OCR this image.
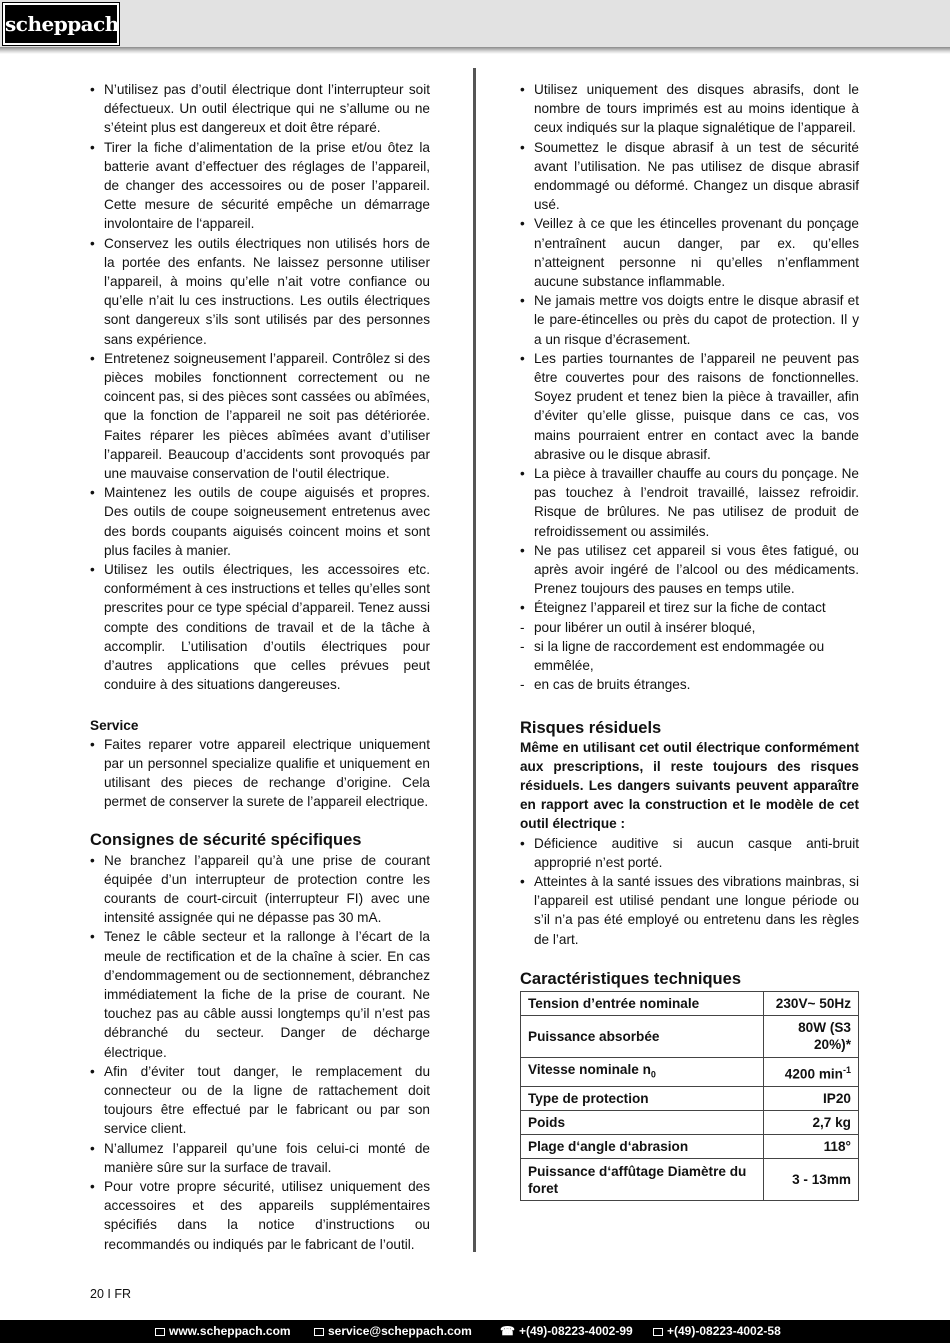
scheppach
• N’utilisez pas d’outil électrique dont l’interrupteur soit défectueux. Un outil électrique qui ne s’allume ou ne s’éteint plus est dangereux et doit être réparé.
• Tirer la fiche d’alimentation de la prise et/ou ôtez la batterie avant d’effectuer des réglages de l’appareil, de changer des accessoires ou de poser l’appareil. Cette mesure de sécurité empêche un démarrage involontaire de l‘appareil.
• Conservez les outils électriques non utilisés hors de la portée des enfants. Ne laissez personne utiliser l’appareil, à moins qu’elle n’ait votre confiance ou qu’elle n’ait lu ces instructions. Les outils électriques sont dangereux s’ils sont utilisés par des personnes sans expérience.
• Entretenez soigneusement l’appareil. Contrôlez si des pièces mobiles fonctionnent correctement ou ne coincent pas, si des pièces sont cassées ou abîmées, que la fonction de l’appareil ne soit pas détériorée. Faites réparer les pièces abîmées avant d’utiliser l’appareil. Beaucoup d’accidents sont provoqués par une mauvaise conservation de l‘outil électrique.
• Maintenez les outils de coupe aiguisés et propres. Des outils de coupe soigneusement entretenus avec des bords coupants aiguisés coincent moins et sont plus faciles à manier.
• Utilisez les outils électriques, les accessoires etc. conformément à ces instructions et telles qu’elles sont prescrites pour ce type spécial d’appareil. Tenez aussi compte des conditions de travail et de la tâche à accomplir. L’utilisation d’outils électriques pour d’autres applications que celles prévues peut conduire à des situations dangereuses.
Service
• Faites reparer votre appareil electrique uniquement par un personnel specialize qualifie et uniquement en utilisant des pieces de rechange d’origine. Cela permet de conserver la surete de l’appareil electrique.
Consignes de sécurité spécifiques
• Ne branchez l’appareil qu’à une prise de courant équipée d’un interrupteur de protection contre les courants de court-circuit (interrupteur FI) avec une intensité assignée qui ne dépasse pas 30 mA.
• Tenez le câble secteur et la rallonge à l’écart de la meule de rectification et de la chaîne à scier. En cas d’endommagement ou de sectionnement, débranchez immédiatement la fiche de la prise de courant. Ne touchez pas au câble aussi longtemps qu’il n’est pas débranché du secteur. Danger de décharge électrique.
• Afin d’éviter tout danger, le remplacement du connecteur ou de la ligne de rattachement doit toujours être effectué par le fabricant ou par son service client.
• N’allumez l’appareil qu’une fois celui-ci monté de manière sûre sur la surface de travail.
• Pour votre propre sécurité, utilisez uniquement des accessoires et des appareils supplémentaires spécifiés dans la notice d’instructions ou recommandés ou indiqués par le fabricant de l’outil.
• Utilisez uniquement des disques abrasifs, dont le nombre de tours imprimés est au moins identique à ceux indiqués sur la plaque signalétique de l’appareil.
• Soumettez le disque abrasif à un test de sécurité avant l’utilisation. Ne pas utilisez de disque abrasif endommagé ou déformé. Changez un disque abrasif usé.
• Veillez à ce que les étincelles provenant du ponçage n’entraînent aucun danger, par ex. qu’elles n’atteignent personne ni qu’elles n’enflamment aucune substance inflammable.
• Ne jamais mettre vos doigts entre le disque abrasif et le pare-étincelles ou près du capot de protection. Il y a un risque d’écrasement.
• Les parties tournantes de l’appareil ne peuvent pas être couvertes pour des raisons de fonctionnelles. Soyez prudent et tenez bien la pièce à travailler, afin d’éviter qu’elle glisse, puisque dans ce cas, vos mains pourraient entrer en contact avec la bande abrasive ou le disque abrasif.
• La pièce à travailler chauffe au cours du ponçage. Ne pas touchez à l’endroit travaillé, laissez refroidir. Risque de brûlures. Ne pas utilisez de produit de refroidissement ou assimilés.
• Ne pas utilisez cet appareil si vous êtes fatigué, ou après avoir ingéré de l’alcool ou des médicaments. Prenez toujours des pauses en temps utile.
• Éteignez l’appareil et tirez sur la fiche de contact
- pour libérer un outil à insérer bloqué,
- si la ligne de raccordement est endommagée ou emmêlée,
- en cas de bruits étranges.
Risques résiduels

Même en utilisant cet outil électrique conformément aux prescriptions, il reste toujours des risques résiduels. Les dangers suivants peuvent apparaître en rapport avec la construction et le modèle de cet outil électrique :

• Déficience auditive si aucun casque anti-bruit approprié n’est porté.
• Atteintes à la santé issues des vibrations mainbras, si l’appareil est utilisé pendant une longue période ou s’il n’a pas été employé ou entretenu dans les règles de l’art.
Caractéristiques techniques
Tension d’entrée nominale	230V~ 50Hz
Puissance absorbée	80W (S3 20%)*
Vitesse nominale $n_0$	4200 $\min^{-1}$
Type de protection	IP20
Poids	2,7 kg
Plage d‘angle d‘abrasion	118°
Puissance d‘affûtage Diamètre du foret	3 - 13mm
20 I FR
www.scheppach.com	service@scheppach.com ☎ +(49)-08223-4002-99	+(49)-08223-4002-58
